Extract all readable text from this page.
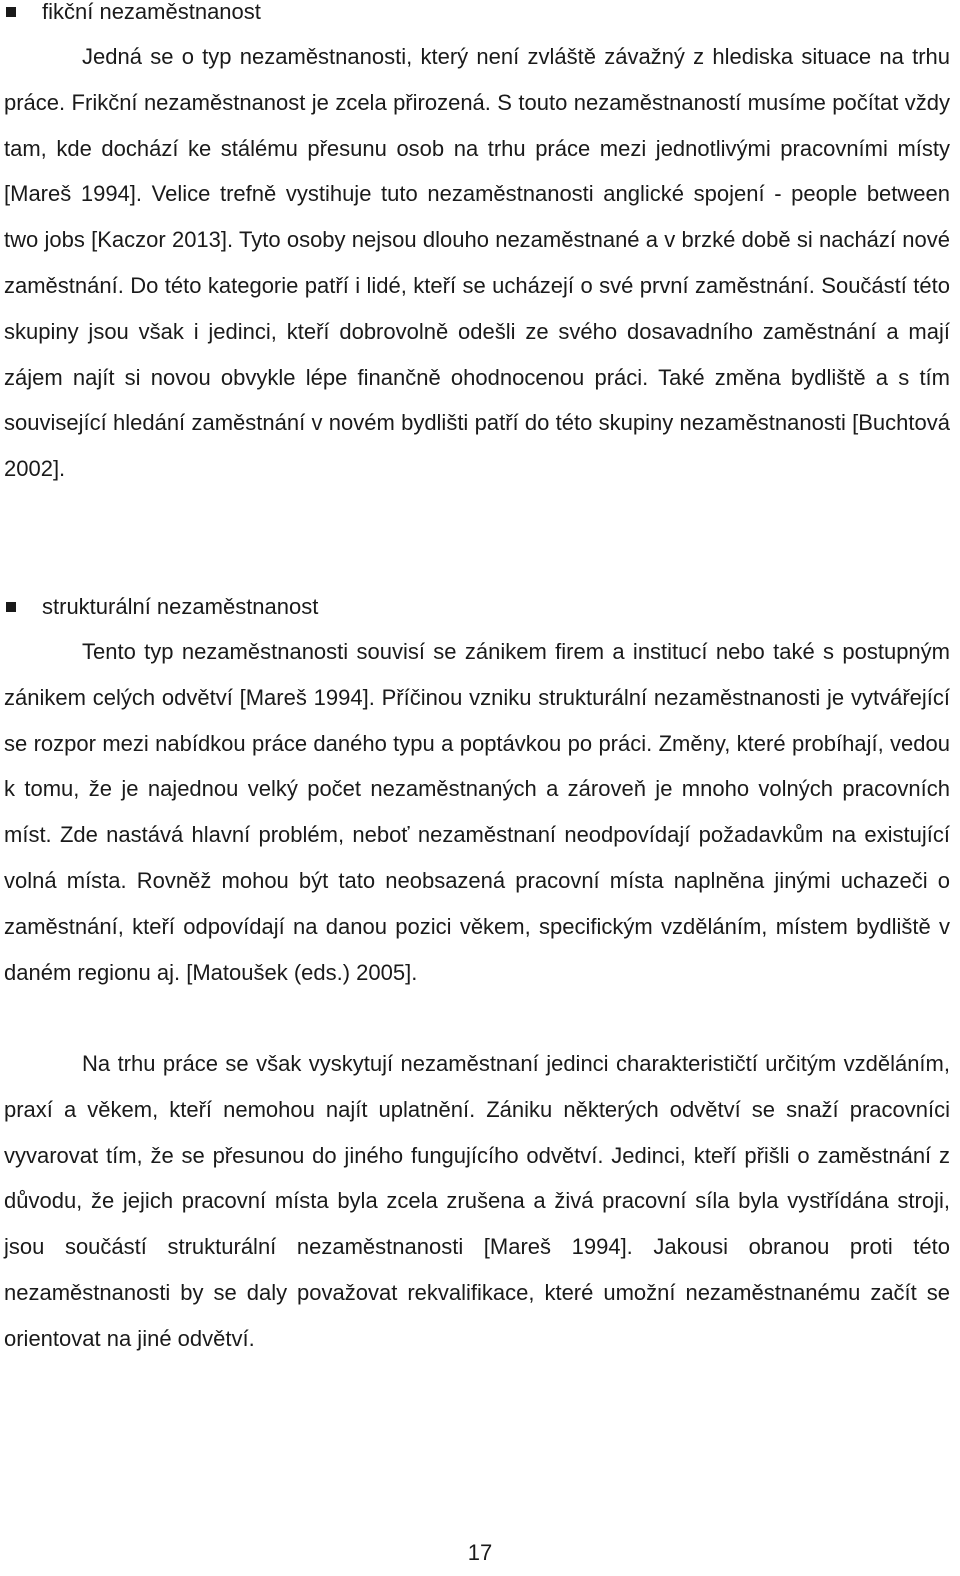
fikční nezaměstnanost

Jedná se o typ nezaměstnanosti, který není zvláště závažný z hlediska situace na trhu práce. Frikční nezaměstnanost je zcela přirozená. S touto nezaměstnaností musíme počítat vždy tam, kde dochází ke stálému přesunu osob na trhu práce mezi jednotlivými pracovními místy [Mareš 1994]. Velice trefně vystihuje tuto nezaměstnanosti anglické spojení - people between two jobs [Kaczor 2013]. Tyto osoby nejsou dlouho nezaměstnané a v brzké době si nachází nové zaměstnání. Do této kategorie patří i lidé, kteří se ucházejí o své první zaměstnání. Součástí této skupiny jsou však i jedinci, kteří dobrovolně odešli ze svého dosavadního zaměstnání a mají zájem najít si novou obvykle lépe finančně ohodnocenou práci. Také změna bydliště a s tím související hledání zaměstnání v novém bydlišti patří do této skupiny nezaměstnanosti [Buchtová 2002].

strukturální nezaměstnanost

Tento typ nezaměstnanosti souvisí se zánikem firem a institucí nebo také s postupným zánikem celých odvětví [Mareš 1994]. Příčinou vzniku strukturální nezaměstnanosti je vytvářející se rozpor mezi nabídkou práce daného typu a poptávkou po práci. Změny, které probíhají, vedou k tomu, že je najednou velký počet nezaměstnaných a zároveň je mnoho volných pracovních míst. Zde nastává hlavní problém, neboť nezaměstnaní neodpovídají požadavkům na existující volná místa. Rovněž mohou být tato neobsazená pracovní místa naplněna jinými uchazeči o zaměstnání, kteří odpovídají na danou pozici věkem, specifickým vzděláním, místem bydliště v daném regionu aj. [Matoušek (eds.) 2005].

Na trhu práce se však vyskytují nezaměstnaní jedinci charakterističtí určitým vzděláním, praxí a věkem, kteří nemohou najít uplatnění. Zániku některých odvětví se snaží pracovníci vyvarovat tím, že se přesunou do jiného fungujícího odvětví. Jedinci, kteří přišli o zaměstnání z důvodu, že jejich pracovní místa byla zcela zrušena a živá pracovní síla byla vystřídána stroji, jsou součástí strukturální nezaměstnanosti [Mareš 1994]. Jakousi obranou proti této nezaměstnanosti by se daly považovat rekvalifikace, které umožní nezaměstnanému začít se orientovat na jiné odvětví.

17
